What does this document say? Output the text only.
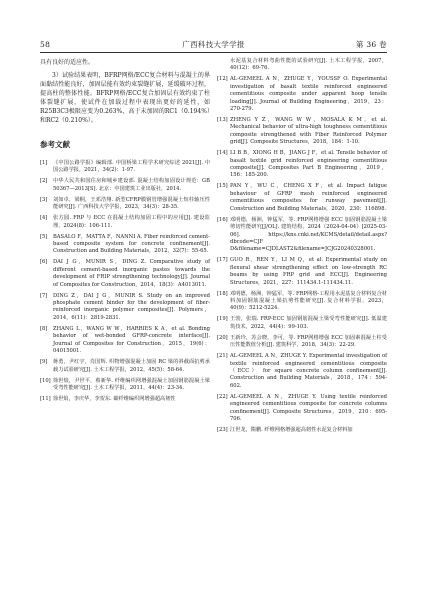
58	广西科技大学学报	第 36 卷

具有良好的适应性。

3）试验结果表明，BFRP网格/ECC复合材料与混凝土的界面黏结性能良好，加固层能有效约束裂缝扩展，延缓破坏过程，提高柱的整体性能。BFRP网格/ECC复合加固层有效约束了柱体裂缝扩展，使试件在加载过程中表现出更好的延性，如R25B3C3极限应变为0.263%，高于未加固的RC1（0.194%）和RC2（0.210%）。

参考文献
[1]	《中国公路学报》编辑部. 中国桥梁工程学术研究综述 2021[J]. 中国公路学报，2021，34(2)：1-97.
[2]	中华人民共和国住房和城乡建设部. 混凝土结构加固设计规范：GB 50367—2013[S]. 北京：中国建筑工业出版社，2014.
[3]	刘如卓，梁桐，王邓浩翔. 新型CFRP膜钢管增强混凝土短柱轴压性能研究[J]. 广西科技大学学报，2023，34(3)：28-35.
[4]	张方圆. FRP 与 ECC 在混凝土结构加固工程中的应用[J]. 建设监理，2024(8)：106-111.
[5]	BASALO F，MATTA F，NANNI A. Fiber reinforced cement-based composite system for concrete confinement[J]. Construction and Building Materials，2012，32(7)：55-65.
[6]	DAI J G，MUNIR S，DING Z. Comparative study of different cement-based inorganic pastes towards the development of FRIP strengthening technology[J]. Journal of Composites for Construction，2014，18(3)：A4013011.
[7]	DING Z，DAI J G，MUNIR S. Study on an improved phosphate cement binder for the development of fiber-reinforced inorganic polymer composites[J]. Polymers，2014，6(11)：2819-2831.
[8]	ZHANG L，WANG W W，HARRIES K A，et al. Bonding behavior of wet-bonded GFRP-concrete interface[J]. Journal of Composites for Construction，2015，19(6)：04015001.
[9]	蒋勇，尹红宇，肖国辉. 织物增强混凝土加固 RC 梁的斜截面抗剪承载力试验研究[J]. 土木工程学报，2012，45(5)：58-64.
[10] 徐世烺，尹世平，蔡新华. 纤维编织网增强混凝土加固钢筋混凝土梁受弯性能研究[J]. 土木工程学报，2011，44(4)：23-34.
[11] 徐世烺，李庆华，李贺东. 碳纤维编织网增强超高韧性
水泥基复合材料弯曲性能的试验研究[J]. 土木工程学报，2007，40(12)：69-76.
[12] AL-GEMEEL A N，ZHUGE Y，YOUSSF O. Experimental investigation of basalt textile reinforced engineered cementitious composite under apparent hoop tensile loading[J]. Journal of Building Engineering，2019，23：270-279.
[13] ZHENG Y Z，WANG W W，MOSALA K M，et al. Mechanical behavior of ultra-high toughness cementitious composite strengthened with Fiber Reinforced Polymer grid[J]. Composite Structures，2018，184：1-10.
[14] LI B B，XIONG H B，JIANG J F，et al. Tensile behavior of basalt textile grid reinforced engineering cementitious composite[J]. Composites Part B Engineering，2019，156：185-200.
[15] PAN Y，WU C，CHENG X F，et al. Impact fatigue behaviour of GFRP mesh reinforced engineered cementitious composites for runway pavement[J]. Construction and Building Materials，2020，230：116898.
[16] 邓明德，杨洲，钟猛军，等. FRP网格增强 ECC 加固钢筋混凝土梁剪切性能研究[J/OL]. 建筑结构，2024（2024-04-04）[2025-03-06]. https://kns.cnki.net/KCMS/detail/detail.aspx?dbcode=CJF D&filename=CJDLAST2&filename=JCJG20240328001.
[17] GUO R，REN Y，LI M Q，et al. Experimental study on flexural shear strengthening effect on low-strength RC beams by using FRP grid and ECC[J]. Engineering Structures，2021，227：111434.1-111434.11.
[18] 邓明德，杨洲，钟猛军，等. FRP网格-工程用水泥基复合材料复合材料加固钢筋混凝土梁抗剪性能研究[J]. 复合材料学报，2023，40(9)：5212-5224.
[19] 王勃，张瑞. FRP-ECC 加固钢筋混凝土梁受弯性能研究[J]. 低温建筑技术，2022，44(4)：99-103.
[20] 王新玲，苏会晓，李可，等. FRP网格增强 ECC 加固素混凝土柱受压性能数值分析[J]. 建筑科学，2018，34(3)：22-29.
[21] AL-GEMEEL A N，ZHUGE Y. Experimental investigation of textile reinforced engineered cementitious composite （ECC） for square concrete column confinement[J]. Construction and Building Materials，2018，174：594-602.
[22] AL-GEMEEL A N，ZHUGE Y. Using textile reinforced engineered cementitious composite for concrete columns confinement[J]. Composite Structures，2019，210：695-706.
[23] 江世龙，隋鹏. 纤维网格增强超高韧性水泥复合材料加
